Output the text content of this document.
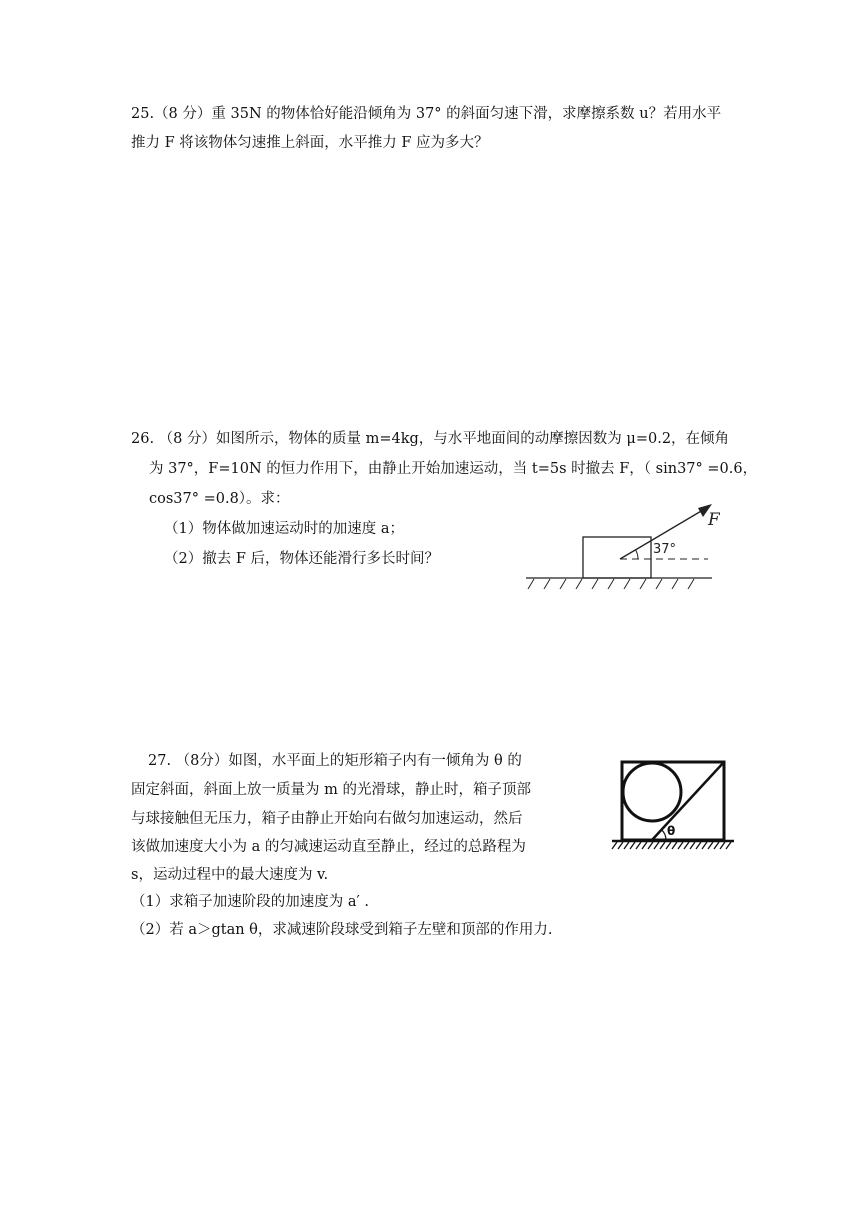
25.（8 分）重 35N 的物体恰好能沿倾角为 37° 的斜面匀速下滑，求摩擦系数 u？若用水平
推力 F 将该物体匀速推上斜面，水平推力 F 应为多大？
26. （8 分）如图所示，物体的质量 m=4kg，与水平地面间的动摩擦因数为 μ=0.2，在倾角
为 37°，F=10N 的恒力作用下，由静止开始加速运动，当 t=5s 时撤去 F，（ sin37° =0.6，
cos37° =0.8）。求：
（1）物体做加速运动时的加速度 a；
（2）撤去 F 后，物体还能滑行多长时间？
F
37°
27. （8分）如图，水平面上的矩形箱子内有一倾角为 θ 的
固定斜面，斜面上放一质量为 m 的光滑球，静止时，箱子顶部
与球接触但无压力，箱子由静止开始向右做匀加速运动，然后
该做加速度大小为 a 的匀减速运动直至静止，经过的总路程为
s，运动过程中的最大速度为 v.
（1）求箱子加速阶段的加速度为 a′ .
（2）若 a＞gtan θ，求减速阶段球受到箱子左壁和顶部的作用力.
θ
